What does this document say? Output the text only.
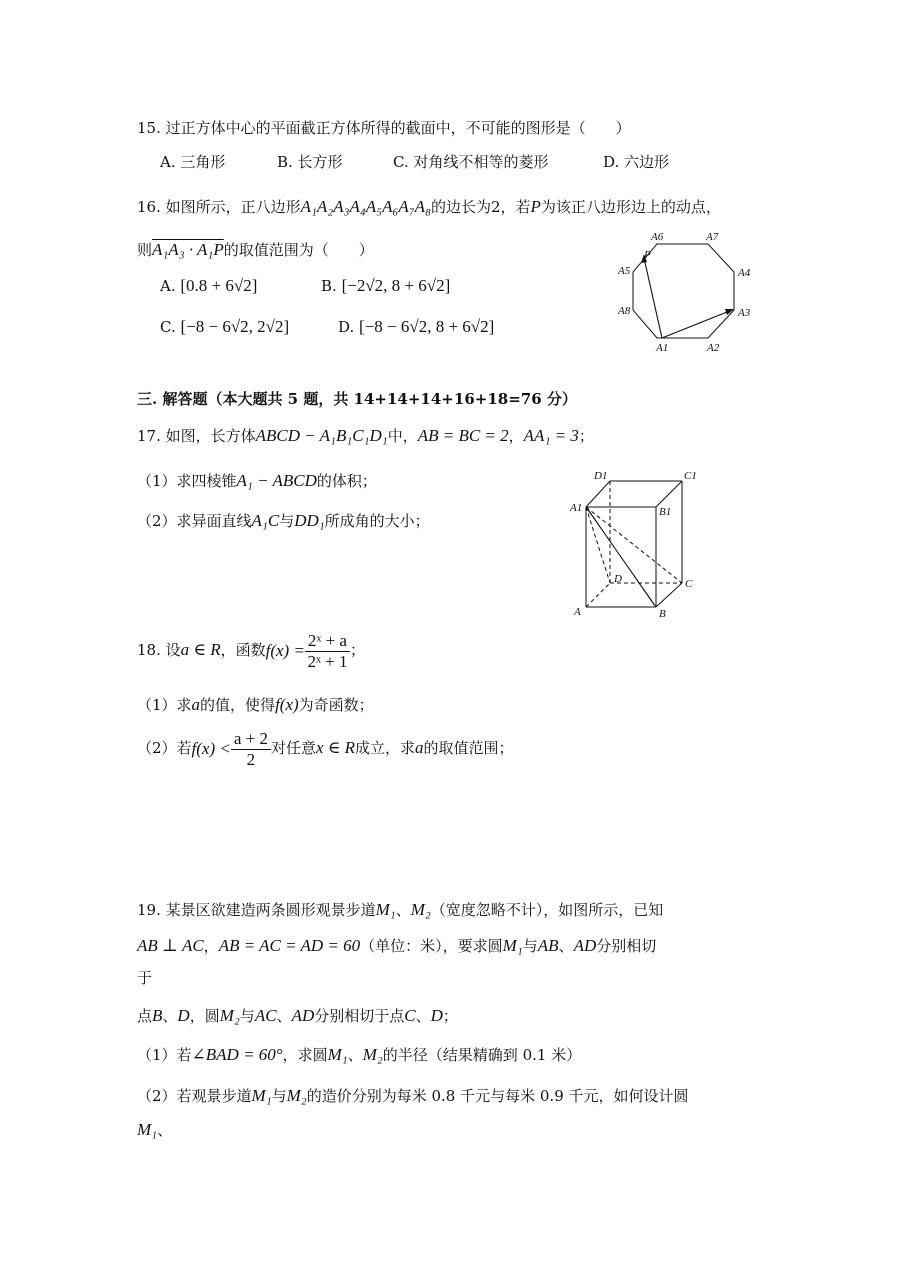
15. 过正方体中心的平面截正方体所得的截面中，不可能的图形是（　　）
A. 三角形	B. 长方形	C. 对角线不相等的菱形	D. 六边形
16. 如图所示，正八边形A₁A₂A₃A₄A₅A₆A₇A₈的边长为2，若P为该正八边形边上的动点，
则A₁A₃ · A₁P的取值范围为（　　）
A. [0.8 + 6√2]	B. [−2√2, 8 + 6√2]
C. [−8 − 6√2, 2√2]	D. [−8 − 6√2, 8 + 6√2]
A6	A7
P
A5	A4
A8	A3
A1	A2
三. 解答题（本大题共 5 题，共 14+14+14+16+18=76 分）
17. 如图，长方体ABCD − A₁B₁C₁D₁中，AB = BC = 2，AA₁ = 3；
（1）求四棱锥A₁ − ABCD的体积；
（2）求异面直线A₁C与DD₁所成角的大小；
D1	C1
A1	B1
D	C
A	B
18. 设a ∈ R，函数$f(x) = \frac{\text{2ˣ + a}}{\text{2ˣ + 1}}$ ；
（1）求a的值，使得f(x)为奇函数；
（2）若$f(x) < \frac{a + 2}{2}$ 对任意x ∈ R成立，求a的取值范围；
19. 某景区欲建造两条圆形观景步道M₁、M₂（宽度忽略不计），如图所示，已知
AB ⊥ AC，AB = AC = AD = 60（单位：米），要求圆M₁与AB、AD分别相切
于
点B、D，圆M₂与AC、AD分别相切于点C、D；
（1）若∠BAD = 60°，求圆M₁、M₂的半径（结果精确到 0.1 米）
（2）若观景步道M₁与M₂的造价分别为每米 0.8 千元与每米 0.9 千元，如何设计圆
M₁、
